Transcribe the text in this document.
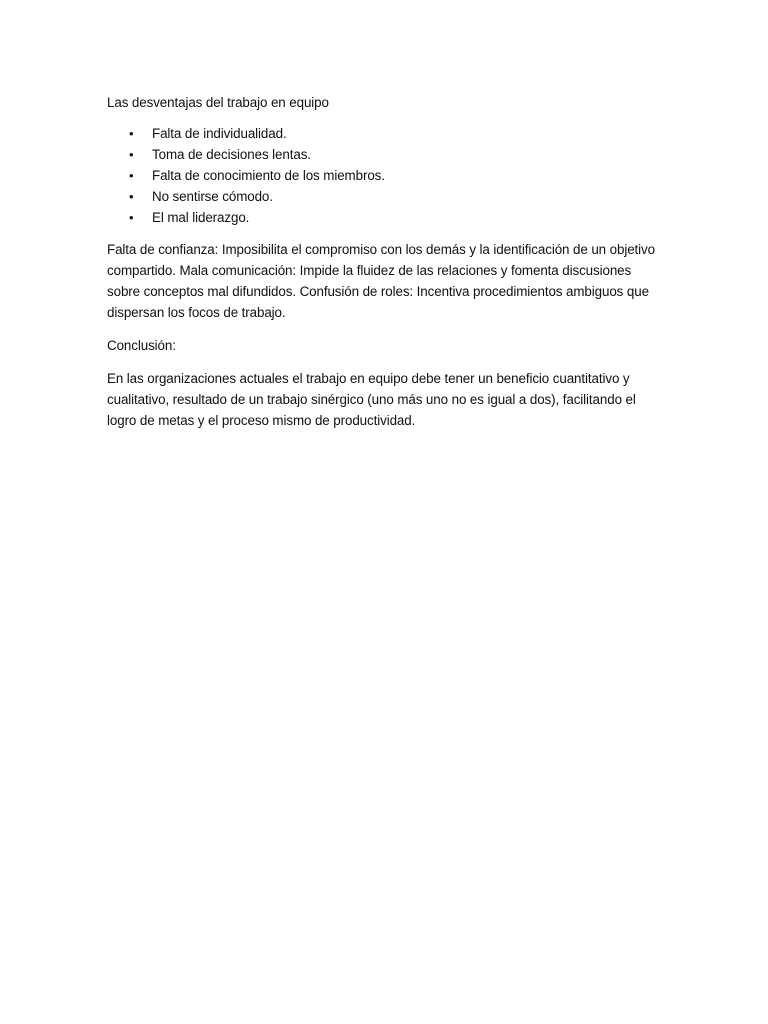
Las desventajas del trabajo en equipo

• Falta de individualidad.
• Toma de decisiones lentas.
• Falta de conocimiento de los miembros.
• No sentirse cómodo.
• El mal liderazgo.

Falta de confianza: Imposibilita el compromiso con los demás y la identificación de un objetivo compartido. Mala comunicación: Impide la fluidez de las relaciones y fomenta discusiones sobre conceptos mal difundidos. Confusión de roles: Incentiva procedimientos ambiguos que dispersan los focos de trabajo.

Conclusión:

En las organizaciones actuales el trabajo en equipo debe tener un beneficio cuantitativo y cualitativo, resultado de un trabajo sinérgico (uno más uno no es igual a dos), facilitando el logro de metas y el proceso mismo de productividad.
